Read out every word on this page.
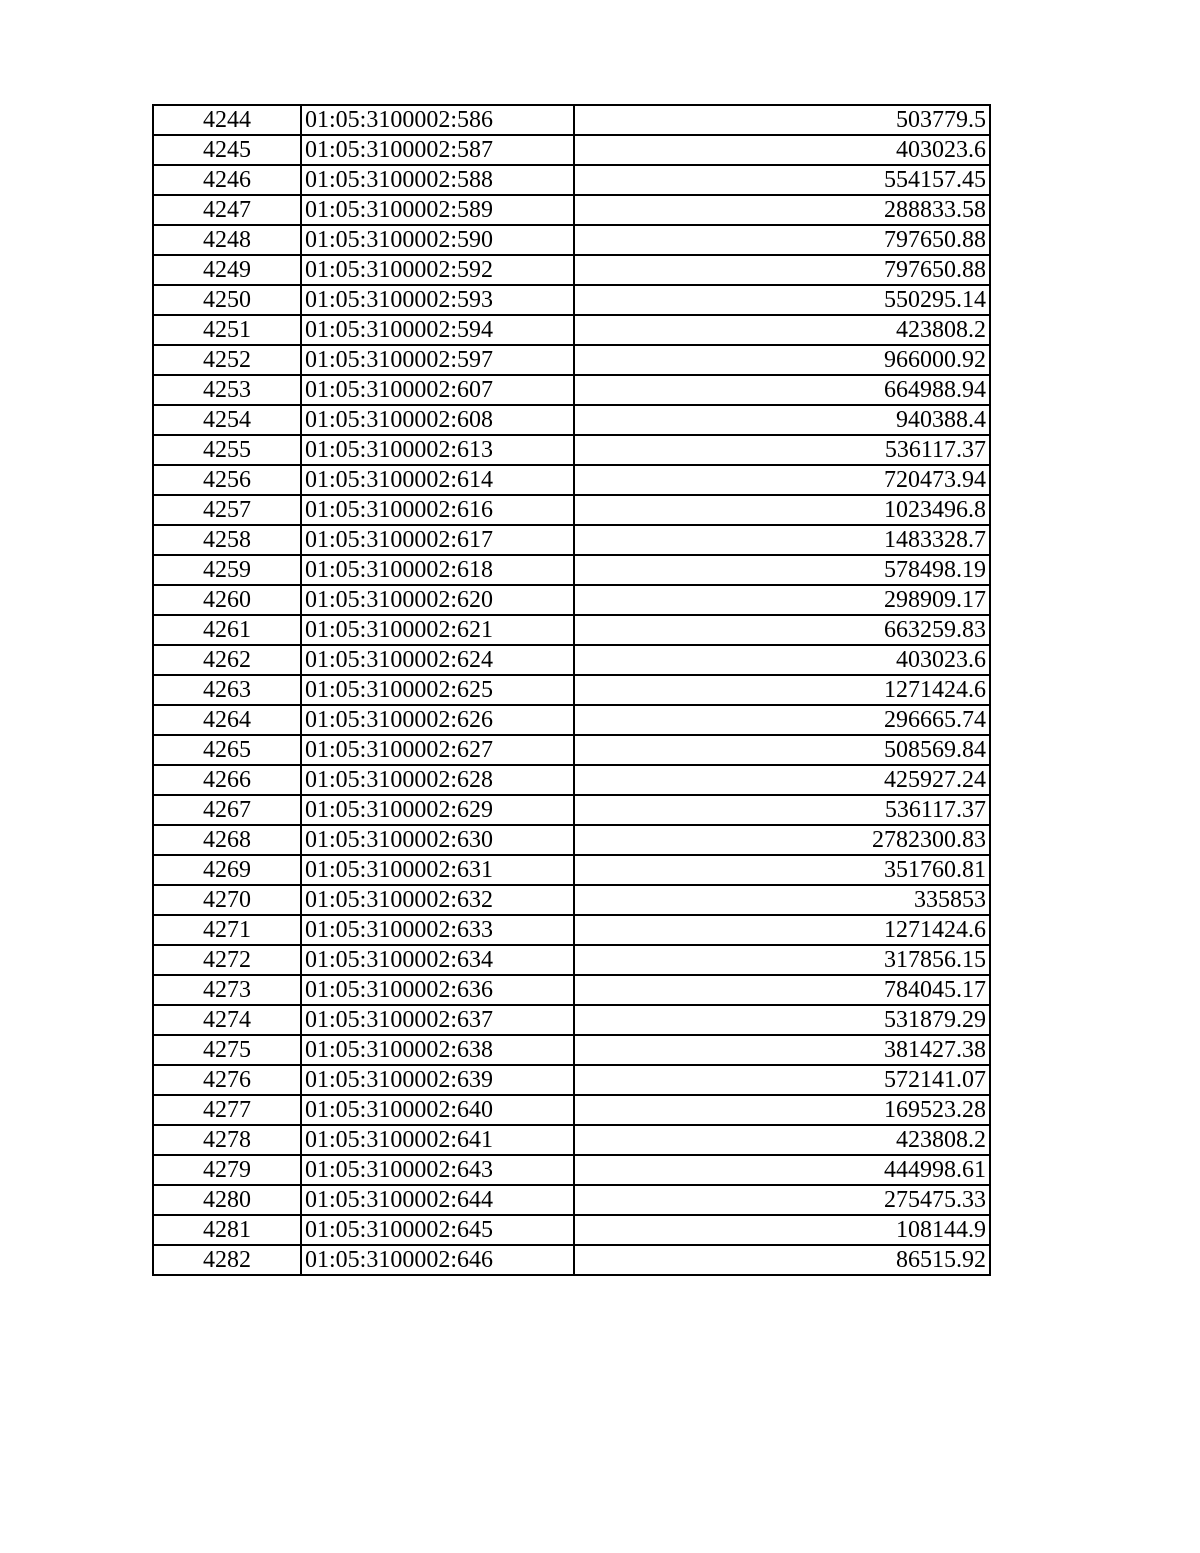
4244	01:05:3100002:586	503779.5
4245	01:05:3100002:587	403023.6
4246	01:05:3100002:588	554157.45
4247	01:05:3100002:589	288833.58
4248	01:05:3100002:590	797650.88
4249	01:05:3100002:592	797650.88
4250	01:05:3100002:593	550295.14
4251	01:05:3100002:594	423808.2
4252	01:05:3100002:597	966000.92
4253	01:05:3100002:607	664988.94
4254	01:05:3100002:608	940388.4
4255	01:05:3100002:613	536117.37
4256	01:05:3100002:614	720473.94
4257	01:05:3100002:616	1023496.8
4258	01:05:3100002:617	1483328.7
4259	01:05:3100002:618	578498.19
4260	01:05:3100002:620	298909.17
4261	01:05:3100002:621	663259.83
4262	01:05:3100002:624	403023.6
4263	01:05:3100002:625	1271424.6
4264	01:05:3100002:626	296665.74
4265	01:05:3100002:627	508569.84
4266	01:05:3100002:628	425927.24
4267	01:05:3100002:629	536117.37
4268	01:05:3100002:630	2782300.83
4269	01:05:3100002:631	351760.81
4270	01:05:3100002:632	335853
4271	01:05:3100002:633	1271424.6
4272	01:05:3100002:634	317856.15
4273	01:05:3100002:636	784045.17
4274	01:05:3100002:637	531879.29
4275	01:05:3100002:638	381427.38
4276	01:05:3100002:639	572141.07
4277	01:05:3100002:640	169523.28
4278	01:05:3100002:641	423808.2
4279	01:05:3100002:643	444998.61
4280	01:05:3100002:644	275475.33
4281	01:05:3100002:645	108144.9
4282	01:05:3100002:646	86515.92
